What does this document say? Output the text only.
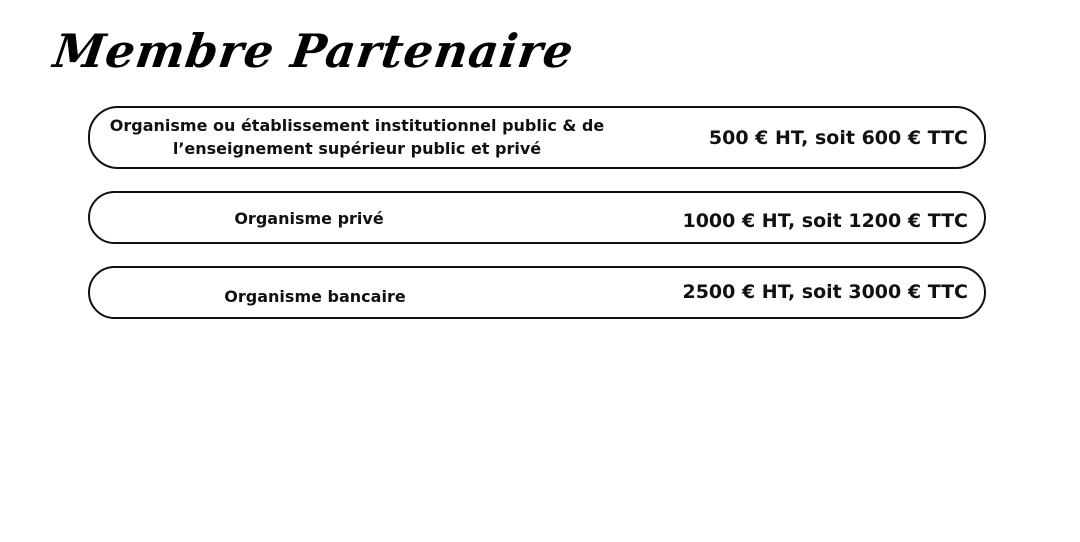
Membre Partenaire
Organisme ou établissement institutionnel public & de l’enseignement supérieur public et privé	500 € HT, soit 600 € TTC
Organisme privé	1000 € HT, soit 1200 € TTC
Organisme bancaire	2500 € HT, soit 3000 € TTC
